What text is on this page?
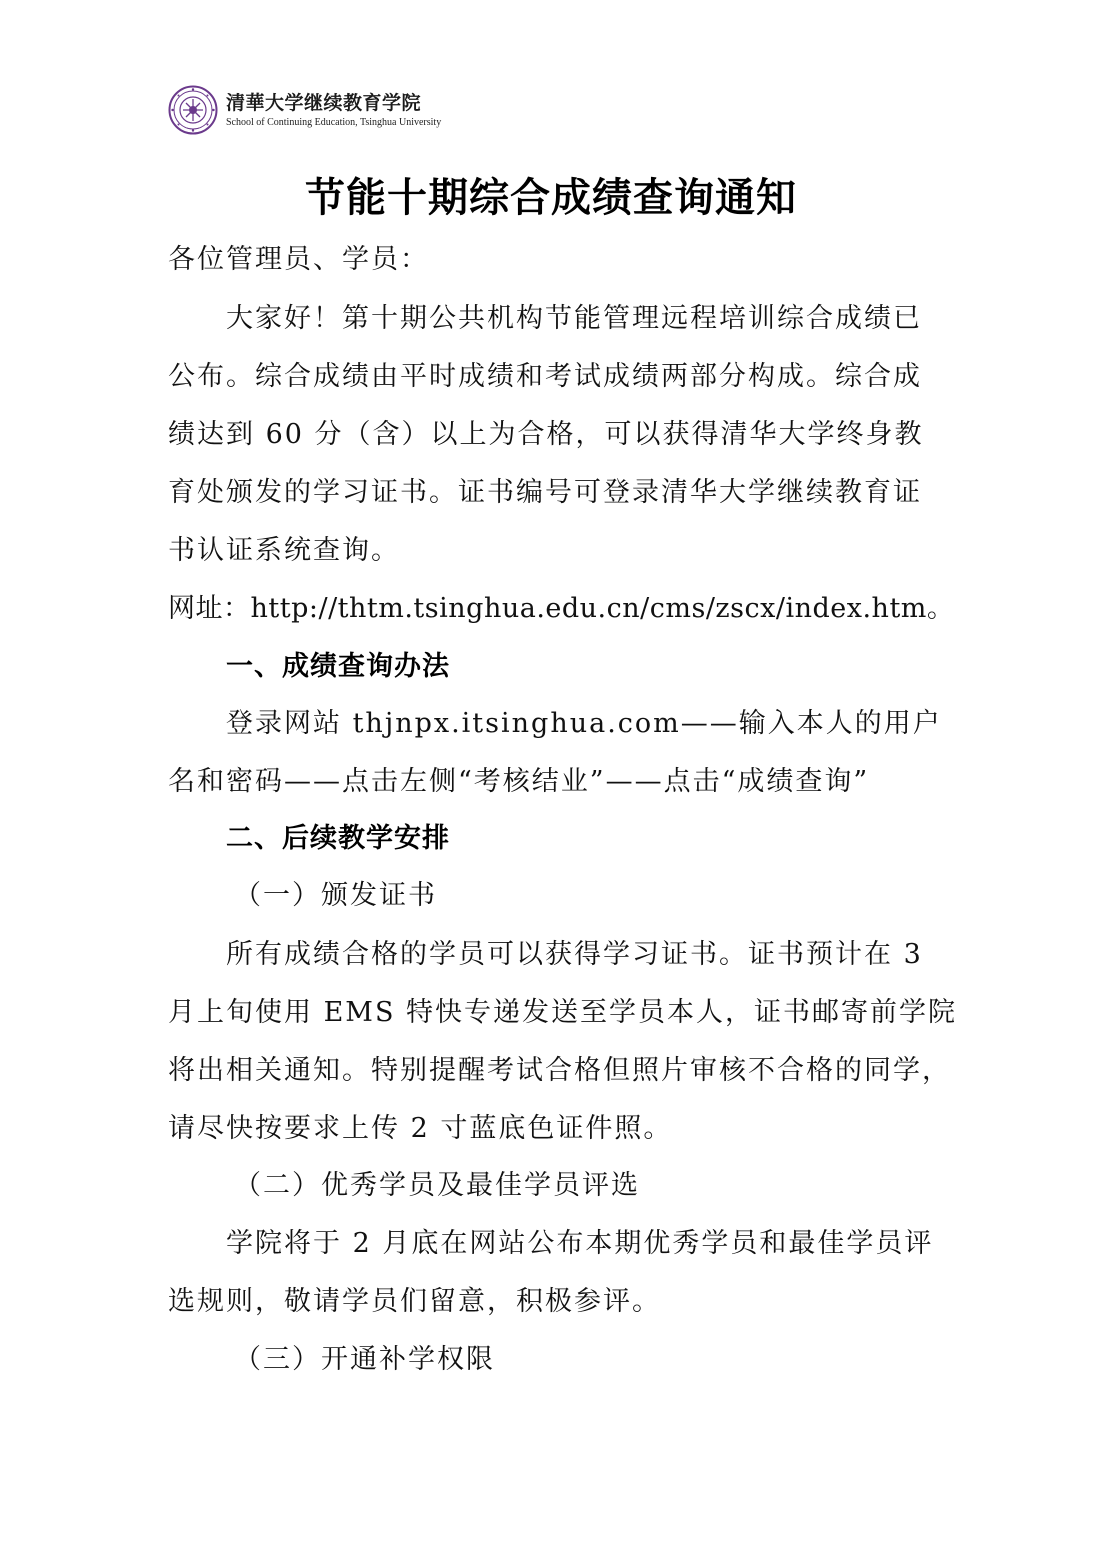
清華大学继续教育学院
School of Continuing Education, Tsinghua University
节能十期综合成绩查询通知
各位管理员、学员：
大家好！第十期公共机构节能管理远程培训综合成绩已
公布。综合成绩由平时成绩和考试成绩两部分构成。综合成
绩达到 60 分（含）以上为合格，可以获得清华大学终身教
育处颁发的学习证书。证书编号可登录清华大学继续教育证
书认证系统查询。
网址：http://thtm.tsinghua.edu.cn/cms/zscx/index.htm。
一、成绩查询办法
登录网站 thjnpx.itsinghua.com——输入本人的用户
名和密码——点击左侧“考核结业”——点击“成绩查询”
二、后续教学安排
（一）颁发证书
所有成绩合格的学员可以获得学习证书。证书预计在 3
月上旬使用 EMS 特快专递发送至学员本人，证书邮寄前学院
将出相关通知。特别提醒考试合格但照片审核不合格的同学，
请尽快按要求上传 2 寸蓝底色证件照。
（二）优秀学员及最佳学员评选
学院将于 2 月底在网站公布本期优秀学员和最佳学员评
选规则，敬请学员们留意，积极参评。
（三）开通补学权限
